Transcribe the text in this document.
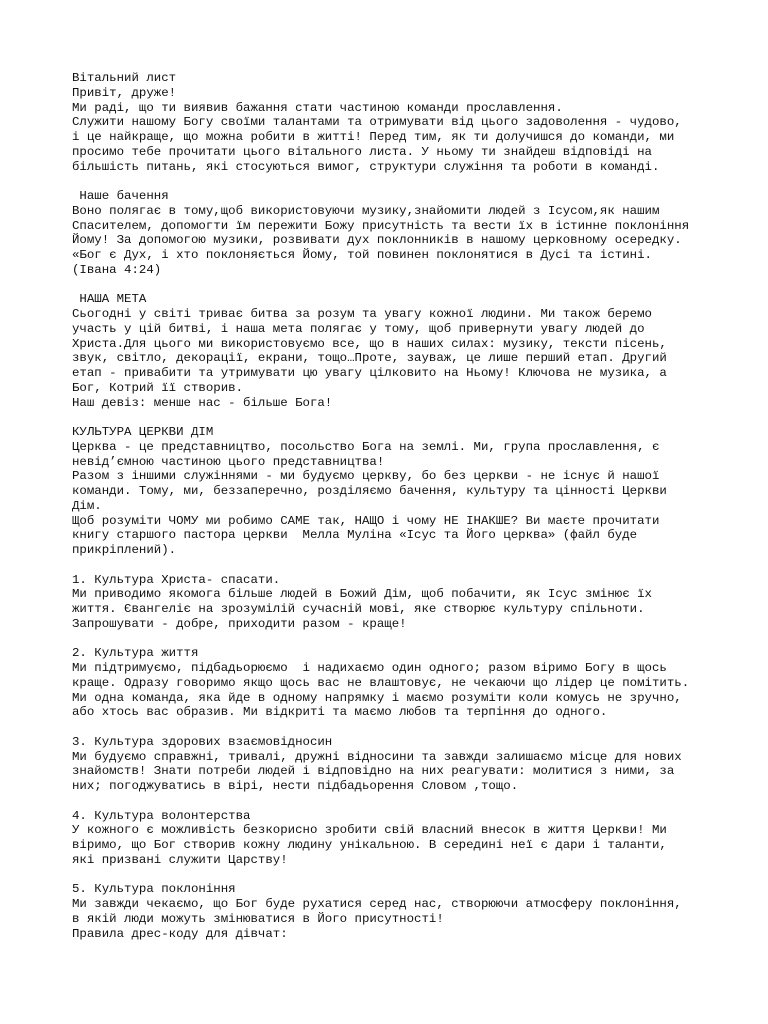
Вітальний лист
Привіт, друже!
Ми раді, що ти виявив бажання стати частиною команди прославлення.
Служити нашому Богу своїми талантами та отримувати від цього задоволення - чудово,
і це найкраще, що можна робити в житті! Перед тим, як ти долучишся до команди, ми
просимо тебе прочитати цього вітального листа. У ньому ти знайдеш відповіді на
більшість питань, які стосуються вимог, структури служіння та роботи в команді.
Наше бачення
Воно полягає в тому,щоб використовуючи музику,знайомити людей з Ісусом,як нашим
Спасителем, допомогти їм пережити Божу присутність та вести їх в істинне поклоніння
Йому! За допомогою музики, розвивати дух поклонників в нашому церковному осередку.
«Бог є Дух, і хто поклоняється Йому, той повинен поклонятися в Дусі та істині.
(Івана 4:24)
НАША МЕТА
Сьогодні у світі триває битва за розум та увагу кожної людини. Ми також беремо
участь у цій битві, і наша мета полягає у тому, щоб привернути увагу людей до
Христа.Для цього ми використовуємо все, що в наших силах: музику, тексти пісень,
звук, світло, декорації, екрани, тощо…Проте, зауваж, це лише перший етап. Другий
етап - привабити та утримувати цю увагу цілковито на Ньому! Ключова не музика, а
Бог, Котрий її створив.
Наш девіз: менше нас - більше Бога!
КУЛЬТУРА ЦЕРКВИ ДІМ
Церква - це представництво, посольство Бога на землі. Ми, група прославлення, є
невід’ємною частиною цього представництва!
Разом з іншими служіннями - ми будуємо церкву, бо без церкви - не існує й нашої
команди. Тому, ми, беззаперечно, розділяємо бачення, культуру та цінності Церкви
Дім.
Щоб розуміти ЧОМУ ми робимо САМЕ так, НАЩО і чому НЕ ІНАКШЕ? Ви маєте прочитати
книгу старшого пастора церкви  Мелла Муліна «Ісус та Його церква» (файл буде
прикріплений).
1. Культура Христа- спасати.
Ми приводимо якомога більше людей в Божий Дім, щоб побачити, як Ісус змінює їх
життя. Євангеліє на зрозумілій сучасній мові, яке створює культуру спільноти.
Запрошувати - добре, приходити разом - краще!
2. Культура життя
Ми підтримуємо, підбадьорюємо  і надихаємо один одного; разом віримо Богу в щось
краще. Одразу говоримо якщо щось вас не влаштовує, не чекаючи що лідер це помітить.
Ми одна команда, яка йде в одному напрямку і маємо розуміти коли комусь не зручно,
або хтось вас образив. Ми відкриті та маємо любов та терпіння до одного.
3. Культура здорових взаємовідносин
Ми будуємо справжні, тривалі, дружні відносини та завжди залишаємо місце для нових
знайомств! Знати потреби людей і відповідно на них реагувати: молитися з ними, за
них; погоджуватись в вірі, нести підбадьорення Словом ,тощо.
4. Культура волонтерства
У кожного є можливість безкорисно зробити свій власний внесок в життя Церкви! Ми
віримо, що Бог створив кожну людину унікальною. В середині неї є дари і таланти,
які призвані служити Царству!
5. Культура поклоніння
Ми завжди чекаємо, що Бог буде рухатися серед нас, створюючи атмосферу поклоніння,
в якій люди можуть змінюватися в Його присутності!
Правила дрес-коду для дівчат:
